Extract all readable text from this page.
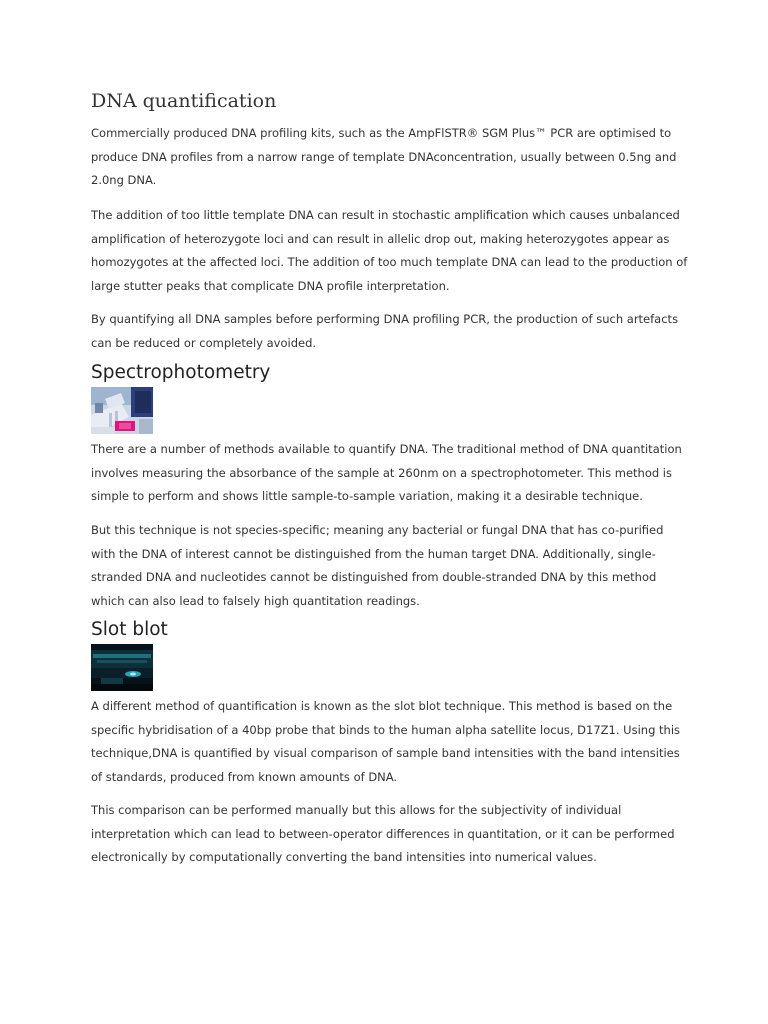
DNA quantification

Commercially produced DNA profiling kits, such as the AmpFlSTR® SGM Plus™ PCR are optimised to
produce DNA profiles from a narrow range of template DNAconcentration, usually between 0.5ng and
2.0ng DNA.

The addition of too little template DNA can result in stochastic amplification which causes unbalanced
amplification of heterozygote loci and can result in allelic drop out, making heterozygotes appear as
homozygotes at the affected loci. The addition of too much template DNA can lead to the production of
large stutter peaks that complicate DNA profile interpretation.

By quantifying all DNA samples before performing DNA profiling PCR, the production of such artefacts
can be reduced or completely avoided.

Spectrophotometry

There are a number of methods available to quantify DNA. The traditional method of DNA quantitation
involves measuring the absorbance of the sample at 260nm on a spectrophotometer. This method is
simple to perform and shows little sample-to-sample variation, making it a desirable technique.

But this technique is not species-specific; meaning any bacterial or fungal DNA that has co-purified
with the DNA of interest cannot be distinguished from the human target DNA. Additionally, single-
stranded DNA and nucleotides cannot be distinguished from double-stranded DNA by this method
which can also lead to falsely high quantitation readings.

Slot blot

A different method of quantification is known as the slot blot technique. This method is based on the
specific hybridisation of a 40bp probe that binds to the human alpha satellite locus, D17Z1. Using this
technique,DNA is quantified by visual comparison of sample band intensities with the band intensities
of standards, produced from known amounts of DNA.

This comparison can be performed manually but this allows for the subjectivity of individual
interpretation which can lead to between-operator differences in quantitation, or it can be performed
electronically by computationally converting the band intensities into numerical values.
